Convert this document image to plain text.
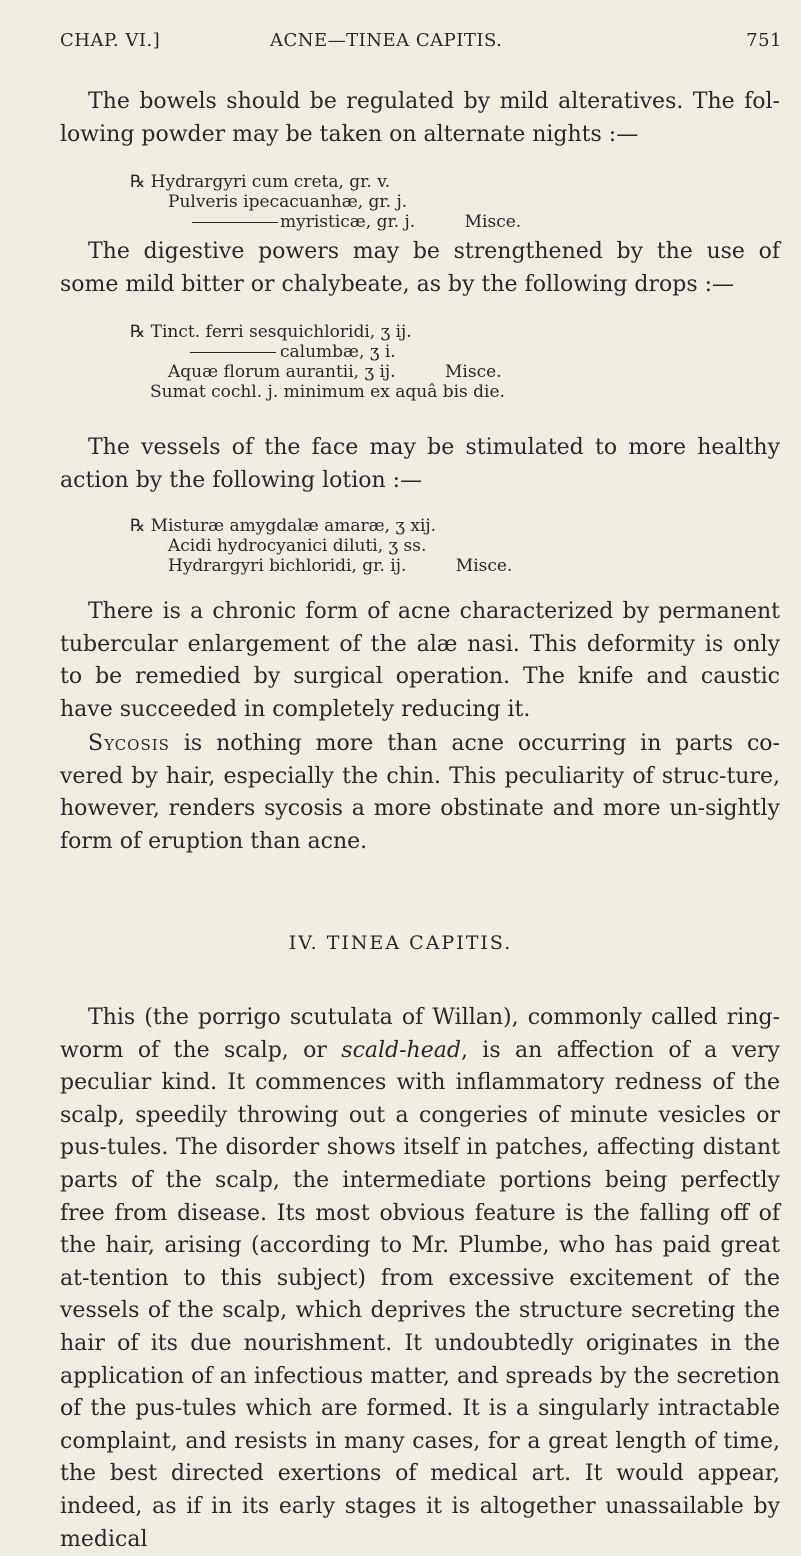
CHAP. VI.]	ACNE—TINEA CAPITIS.	751

The bowels should be regulated by mild alteratives. The fol-lowing powder may be taken on alternate nights :—

℞ Hydrargyri cum creta, gr. v.
Pulveris ipecacuanhæ, gr. j.
myristicæ, gr. j.	Misce.

The digestive powers may be strengthened by the use of some mild bitter or chalybeate, as by the following drops :—

℞ Tinct. ferri sesquichloridi, ʒ ij.
calumbæ, ʒ i.
Aquæ florum aurantii, ʒ ij.	Misce.
Sumat cochl. j. minimum ex aquâ bis die.

The vessels of the face may be stimulated to more healthy action by the following lotion :—

℞ Misturæ amygdalæ amaræ, ʒ xij.
Acidi hydrocyanici diluti, ʒ ss.
Hydrargyri bichloridi, gr. ij.	Misce.

There is a chronic form of acne characterized by permanent tubercular enlargement of the alæ nasi. This deformity is only to be remedied by surgical operation. The knife and caustic have succeeded in completely reducing it.

Sycosis is nothing more than acne occurring in parts co-vered by hair, especially the chin. This peculiarity of struc-ture, however, renders sycosis a more obstinate and more un-sightly form of eruption than acne.

IV. TINEA CAPITIS.

This (the porrigo scutulata of Willan), commonly called ring-worm of the scalp, or scald-head, is an affection of a very peculiar kind. It commences with inflammatory redness of the scalp, speedily throwing out a congeries of minute vesicles or pus-tules. The disorder shows itself in patches, affecting distant parts of the scalp, the intermediate portions being perfectly free from disease. Its most obvious feature is the falling off of the hair, arising (according to Mr. Plumbe, who has paid great at-tention to this subject) from excessive excitement of the vessels of the scalp, which deprives the structure secreting the hair of its due nourishment. It undoubtedly originates in the application of an infectious matter, and spreads by the secretion of the pus-tules which are formed. It is a singularly intractable complaint, and resists in many cases, for a great length of time, the best directed exertions of medical art. It would appear, indeed, as if in its early stages it is altogether unassailable by medical
